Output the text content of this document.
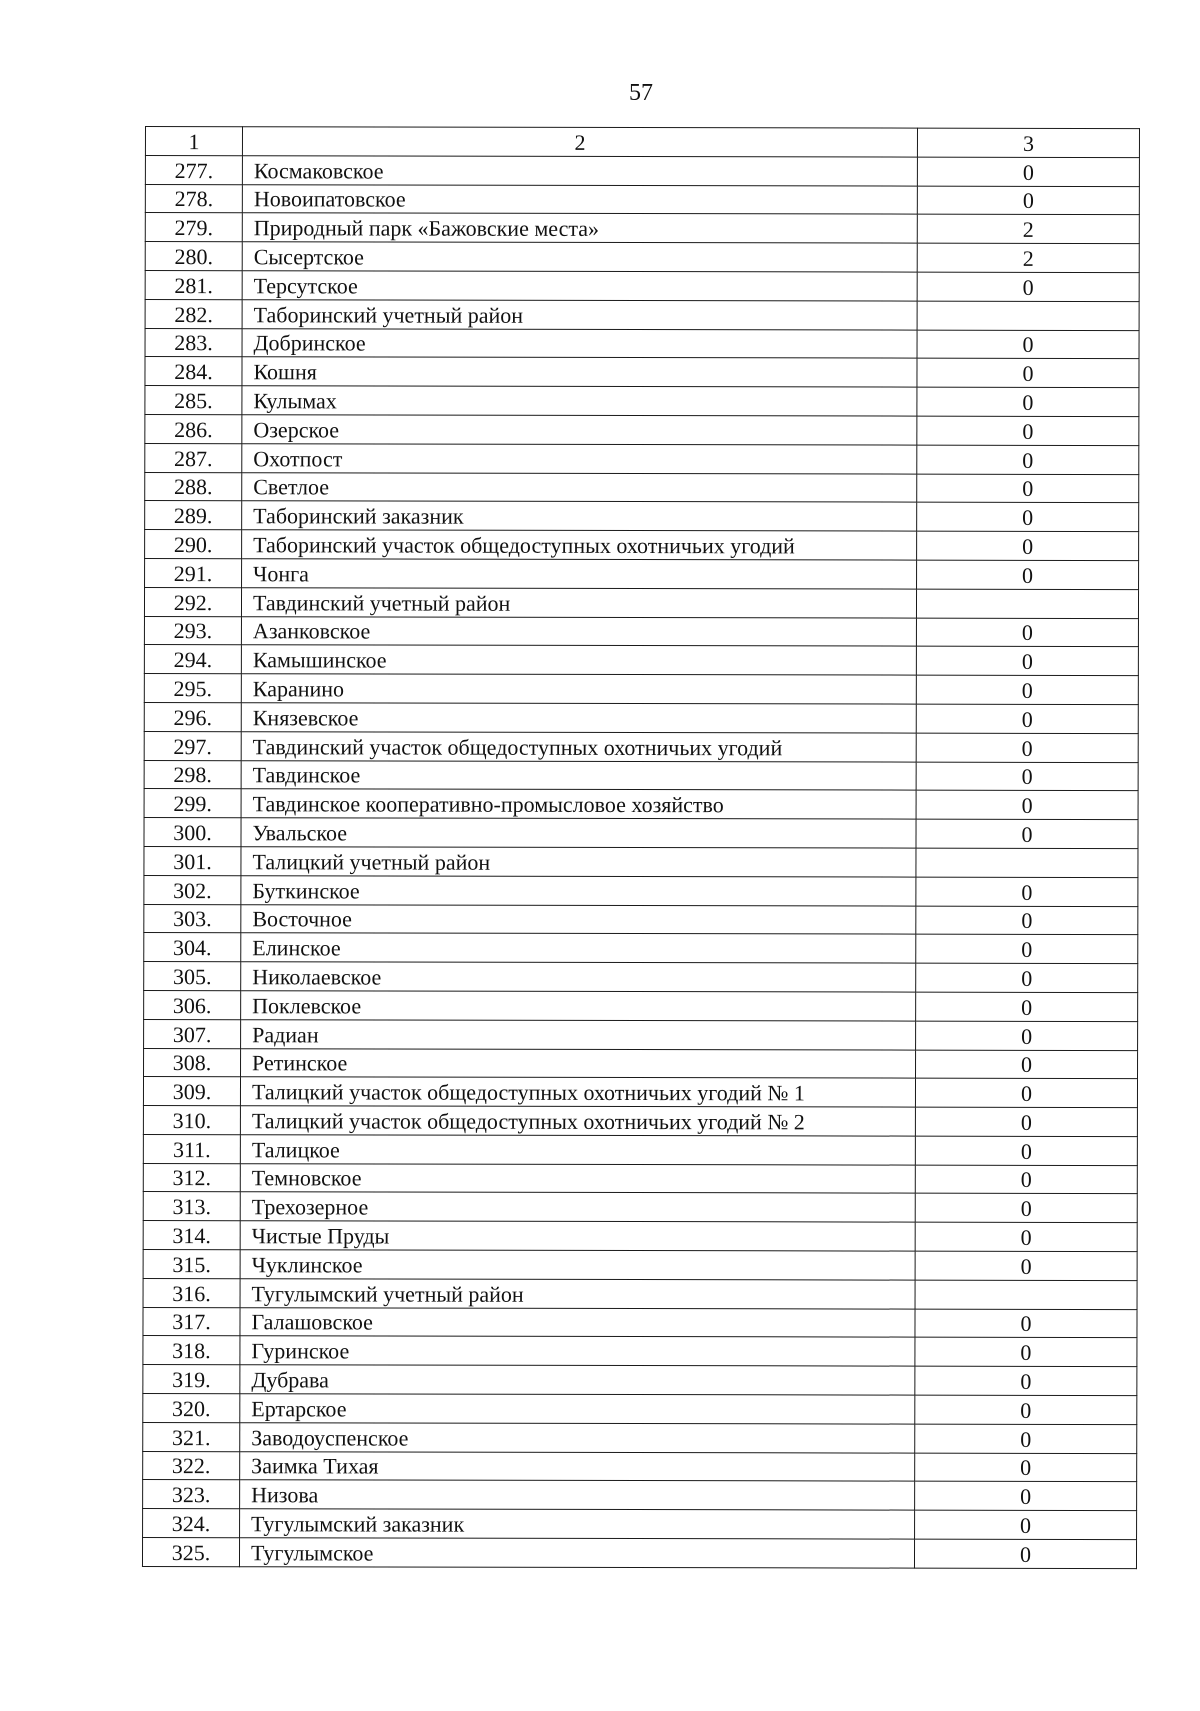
57
1	2	3
277.	Космаковское	0
278.	Новоипатовское	0
279.	Природный парк «Бажовские места»	2
280.	Сысертское	2
281.	Терсутское	0
282.	Таборинский учетный район	
283.	Добринское	0
284.	Кошня	0
285.	Кулымах	0
286.	Озерское	0
287.	Охотпост	0
288.	Светлое	0
289.	Таборинский заказник	0
290.	Таборинский участок общедоступных охотничьих угодий	0
291.	Чонга	0
292.	Тавдинский учетный район	
293.	Азанковское	0
294.	Камышинское	0
295.	Каранино	0
296.	Князевское	0
297.	Тавдинский участок общедоступных охотничьих угодий	0
298.	Тавдинское	0
299.	Тавдинское кооперативно-промысловое хозяйство	0
300.	Увальское	0
301.	Талицкий учетный район	
302.	Буткинское	0
303.	Восточное	0
304.	Елинское	0
305.	Николаевское	0
306.	Поклевское	0
307.	Радиан	0
308.	Ретинское	0
309.	Талицкий участок общедоступных охотничьих угодий № 1	0
310.	Талицкий участок общедоступных охотничьих угодий № 2	0
311.	Талицкое	0
312.	Темновское	0
313.	Трехозерное	0
314.	Чистые Пруды	0
315.	Чуклинское	0
316.	Тугулымский учетный район	
317.	Галашовское	0
318.	Гуринское	0
319.	Дубрава	0
320.	Ертарское	0
321.	Заводоуспенское	0
322.	Заимка Тихая	0
323.	Низова	0
324.	Тугулымский заказник	0
325.	Тугулымское	0
